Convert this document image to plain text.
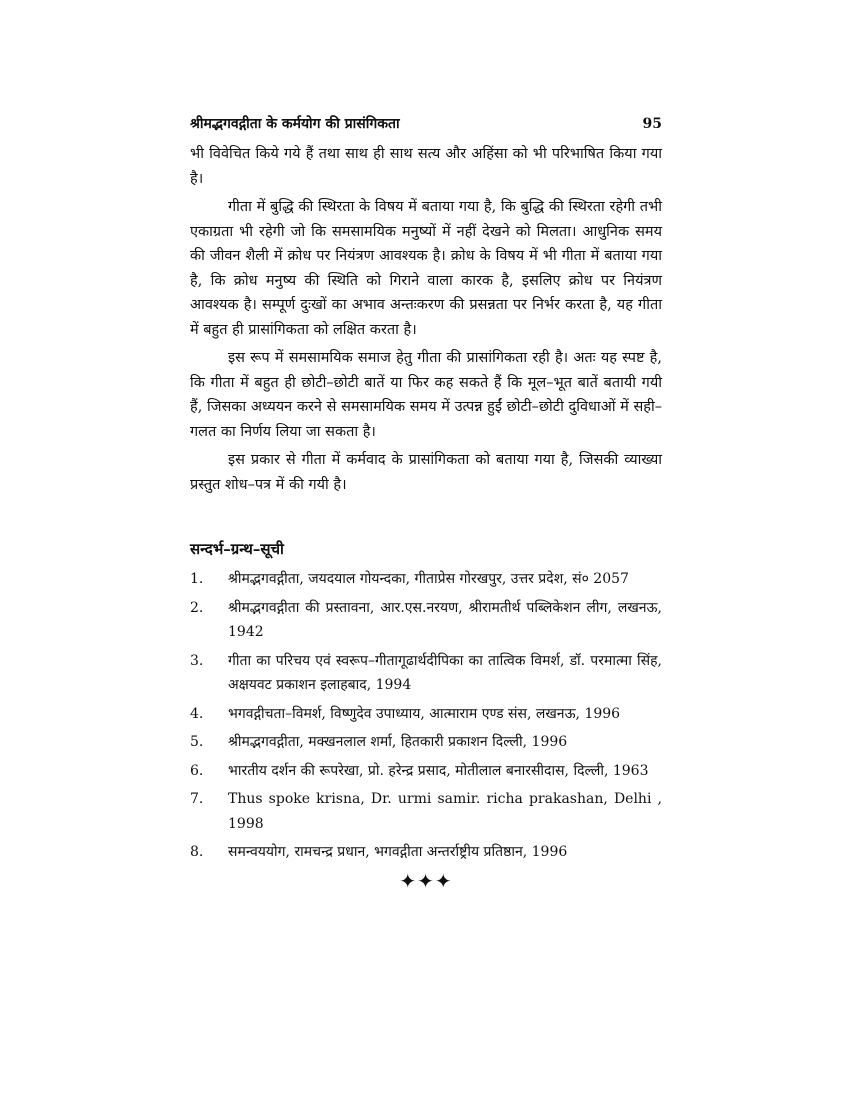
श्रीमद्भगवद्गीता के कर्मयोग की प्रासंगिकता	95

भी विवेचित किये गये हैं तथा साथ ही साथ सत्य और अहिंसा को भी परिभाषित किया गया है।

गीता में बुद्धि की स्थिरता के विषय में बताया गया है, कि बुद्धि की स्थिरता रहेगी तभी एकाग्रता भी रहेगी जो कि समसामयिक मनुष्यों में नहीं देखने को मिलता। आधुनिक समय की जीवन शैली में क्रोध पर नियंत्रण आवश्यक है। क्रोध के विषय में भी गीता में बताया गया है, कि क्रोध मनुष्य की स्थिति को गिराने वाला कारक है, इसलिए क्रोध पर नियंत्रण आवश्यक है। सम्पूर्ण दुःखों का अभाव अन्तःकरण की प्रसन्नता पर निर्भर करता है, यह गीता में बहुत ही प्रासांगिकता को लक्षित करता है।

इस रूप में समसामयिक समाज हेतु गीता की प्रासांगिकता रही है। अतः यह स्पष्ट है, कि गीता में बहुत ही छोटी–छोटी बातें या फिर कह सकते हैं कि मूल–भूत बातें बतायी गयी हैं, जिसका अध्ययन करने से समसामयिक समय में उत्पन्न हुईं छोटी–छोटी दुविधाओं में सही–गलत का निर्णय लिया जा सकता है।

इस प्रकार से गीता में कर्मवाद के प्रासांगिकता को बताया गया है, जिसकी व्याख्या प्रस्तुत शोध–पत्र में की गयी है।

सन्दर्भ–ग्रन्थ–सूची
1.	श्रीमद्भगवद्गीता, जयदयाल गोयन्दका, गीताप्रेस गोरखपुर, उत्तर प्रदेश, सं० 2057
2.	श्रीमद्भगवद्गीता की प्रस्तावना, आर.एस.नरयण, श्रीरामतीर्थ पब्लिकेशन लीग, लखनऊ, 1942
3.	गीता का परिचय एवं स्वरूप–गीतागूढार्थदीपिका का तात्विक विमर्श, डॉ. परमात्मा सिंह, अक्षयवट प्रकाशन इलाहबाद, 1994
4.	भगवद्गीचता–विमर्श, विष्णुदेव उपाध्याय, आत्माराम एण्ड संस, लखनऊ, 1996
5.	श्रीमद्भगवद्गीता, मक्खनलाल शर्मा, हितकारी प्रकाशन दिल्ली, 1996
6.	भारतीय दर्शन की रूपरेखा, प्रो. हरेन्द्र प्रसाद, मोतीलाल बनारसीदास, दिल्ली, 1963
7.	Thus spoke krisna, Dr. urmi samir. richa prakashan, Delhi , 1998
8.	समन्वययोग, रामचन्द्र प्रधान, भगवद्गीता अन्तर्राष्ट्रीय प्रतिष्ठान, 1996
✦✦✦
